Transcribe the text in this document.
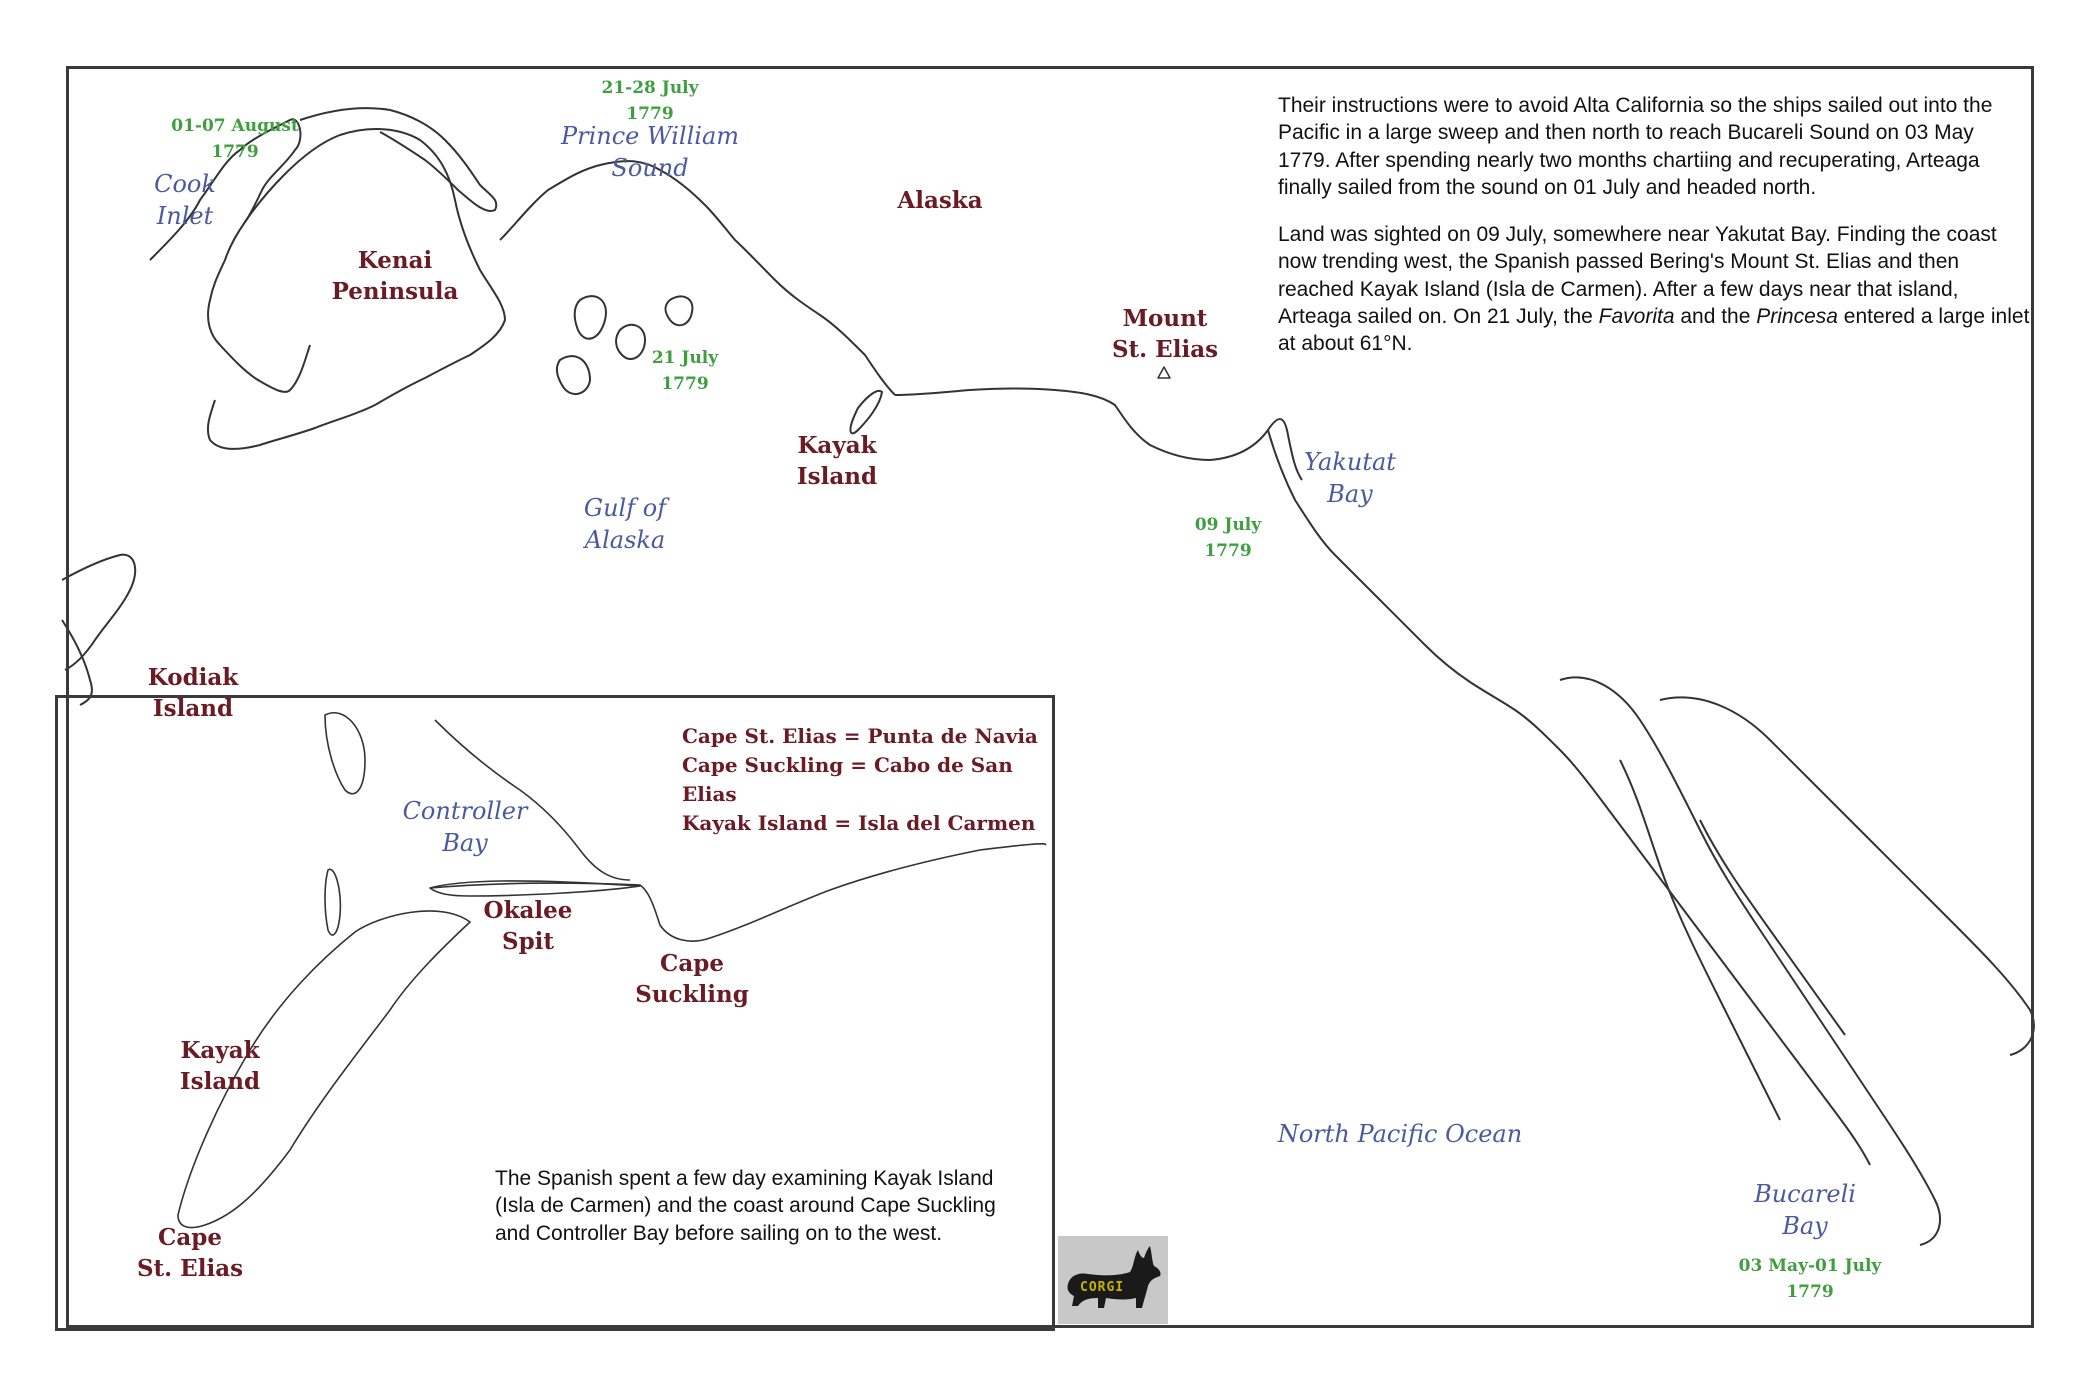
01-07 August
1779
Cook
Inlet
21-28 July
1779
Prince William
Sound
Alaska
Kenai
Peninsula
21 July
1779
Mount
St. Elias
Kayak
Island
Yakutat
Bay
Gulf of
Alaska
09 July
1779
Kodiak Island
North Pacific Ocean
Bucareli
Bay
03 May-01 July
1779

Their instructions were to avoid Alta California so the ships sailed out into the Pacific in a large sweep and then north to reach Bucareli Sound on 03 May 1779. After spending nearly two months chartiing and recuperating, Arteaga finally sailed from the sound on 01 July and headed north.

Land was sighted on 09 July, somewhere near Yakutat Bay. Finding the coast now trending west, the Spanish passed Bering's Mount St. Elias and then reached Kayak Island (Isla de Carmen). After a few days near that island, Arteaga sailed on. On 21 July, the Favorita and the Princesa entered a large inlet at about 61°N.

Cape St. Elias = Punta de Navia
Cape Suckling = Cabo de San Elias
Kayak Island = Isla del Carmen
Controller
Bay
Okalee
Spit
Cape
Suckling
Kayak
Island
Cape
St. Elias
The Spanish spent a few day examining Kayak Island (Isla de Carmen) and the coast around Cape Suckling and Controller Bay before sailing on to the west.
CORGI
